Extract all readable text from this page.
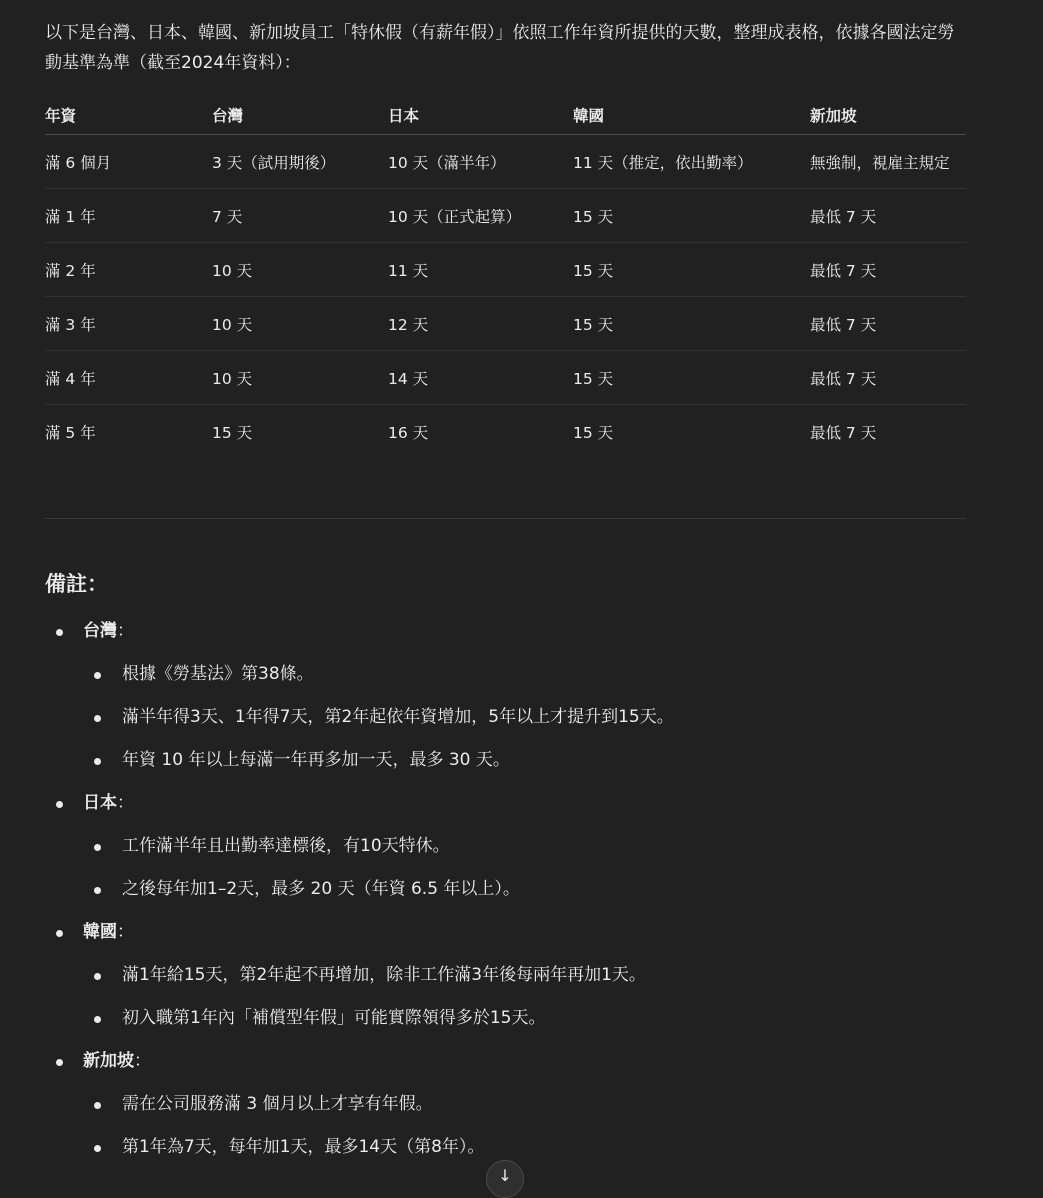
以下是台灣、日本、韓國、新加坡員工「特休假（有薪年假）」依照工作年資所提供的天數，整理成表格，依據各國法定勞動基準為準（截至2024年資料）：

年資	台灣	日本	韓國	新加坡
滿 6 個月	3 天（試用期後）	10 天（滿半年）	11 天（推定，依出勤率）	無強制，視雇主規定
滿 1 年	7 天	10 天（正式起算）	15 天	最低 7 天
滿 2 年	10 天	11 天	15 天	最低 7 天
滿 3 年	10 天	12 天	15 天	最低 7 天
滿 4 年	10 天	14 天	15 天	最低 7 天
滿 5 年	15 天	16 天	15 天	最低 7 天
備註：
台灣：
根據《勞基法》第38條。
滿半年得3天、1年得7天，第2年起依年資增加，5年以上才提升到15天。
年資 10 年以上每滿一年再多加一天，最多 30 天。
日本：
工作滿半年且出勤率達標後，有10天特休。
之後每年加1–2天，最多 20 天（年資 6.5 年以上）。
韓國：
滿1年給15天，第2年起不再增加，除非工作滿3年後每兩年再加1天。
初入職第1年內「補償型年假」可能實際領得多於15天。
新加坡：
需在公司服務滿 3 個月以上才享有年假。
第1年為7天，每年加1天，最多14天（第8年）。
↓
